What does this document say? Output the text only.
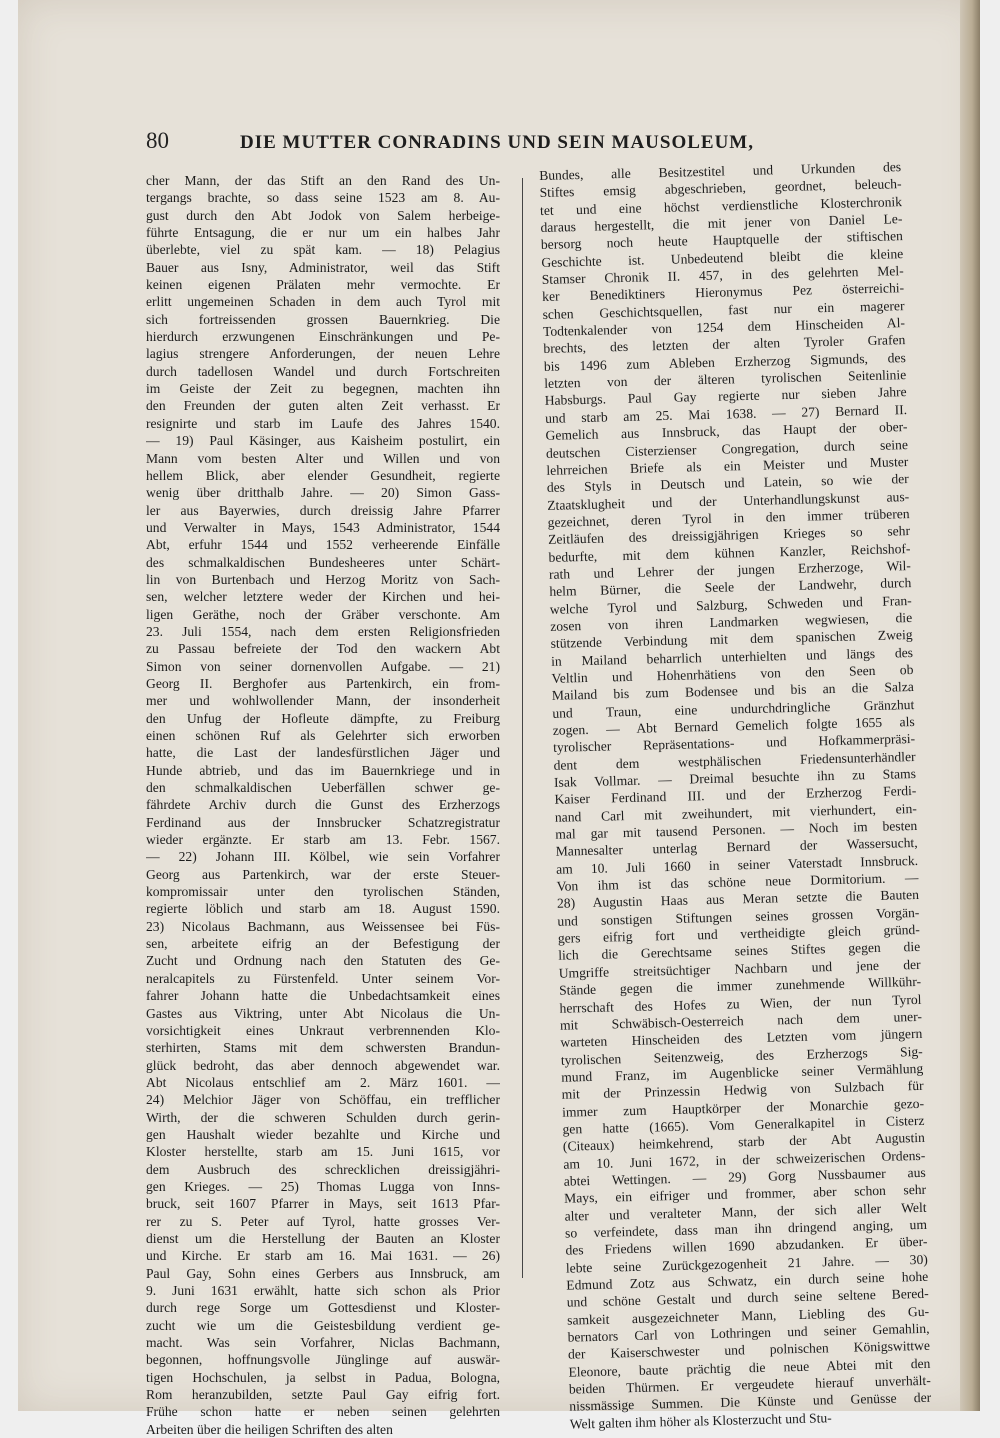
80	DIE MUTTER CONRADINS UND SEIN MAUSOLEUM,
cher Mann, der das Stift an den Rand des Un-
tergangs brachte, so dass seine 1523 am 8. Au-
gust durch den Abt Jodok von Salem herbeige-
führte Entsagung, die er nur um ein halbes Jahr
überlebte, viel zu spät kam. — 18) Pelagius
Bauer aus Isny, Administrator, weil das Stift
keinen eigenen Prälaten mehr vermochte. Er
erlitt ungemeinen Schaden in dem auch Tyrol mit
sich fortreissenden grossen Bauernkrieg. Die
hierdurch erzwungenen Einschränkungen und Pe-
lagius strengere Anforderungen, der neuen Lehre
durch tadellosen Wandel und durch Fortschreiten
im Geiste der Zeit zu begegnen, machten ihn
den Freunden der guten alten Zeit verhasst. Er
resignirte und starb im Laufe des Jahres 1540.
— 19) Paul Käsinger, aus Kaisheim postulirt, ein
Mann vom besten Alter und Willen und von
hellem Blick, aber elender Gesundheit, regierte
wenig über dritthalb Jahre. — 20) Simon Gass-
ler aus Bayerwies, durch dreissig Jahre Pfarrer
und Verwalter in Mays, 1543 Administrator, 1544
Abt, erfuhr 1544 und 1552 verheerende Einfälle
des schmalkaldischen Bundesheeres unter Schärt-
lin von Burtenbach und Herzog Moritz von Sach-
sen, welcher letztere weder der Kirchen und hei-
ligen Geräthe, noch der Gräber verschonte. Am
23. Juli 1554, nach dem ersten Religionsfrieden
zu Passau befreiete der Tod den wackern Abt
Simon von seiner dornenvollen Aufgabe. — 21)
Georg II. Berghofer aus Partenkirch, ein from-
mer und wohlwollender Mann, der insonderheit
den Unfug der Hofleute dämpfte, zu Freiburg
einen schönen Ruf als Gelehrter sich erworben
hatte, die Last der landesfürstlichen Jäger und
Hunde abtrieb, und das im Bauernkriege und in
den schmalkaldischen Ueberfällen schwer ge-
fährdete Archiv durch die Gunst des Erzherzogs
Ferdinand aus der Innsbrucker Schatzregistratur
wieder ergänzte. Er starb am 13. Febr. 1567.
— 22) Johann III. Kölbel, wie sein Vorfahrer
Georg aus Partenkirch, war der erste Steuer-
kompromissair unter den tyrolischen Ständen,
regierte löblich und starb am 18. August 1590.
23) Nicolaus Bachmann, aus Weissensee bei Füs-
sen, arbeitete eifrig an der Befestigung der
Zucht und Ordnung nach den Statuten des Ge-
neralcapitels zu Fürstenfeld. Unter seinem Vor-
fahrer Johann hatte die Unbedachtsamkeit eines
Gastes aus Viktring, unter Abt Nicolaus die Un-
vorsichtigkeit eines Unkraut verbrennenden Klo-
sterhirten, Stams mit dem schwersten Brandun-
glück bedroht, das aber dennoch abgewendet war.
Abt Nicolaus entschlief am 2. März 1601. —
24) Melchior Jäger von Schöffau, ein trefflicher
Wirth, der die schweren Schulden durch gerin-
gen Haushalt wieder bezahlte und Kirche und
Kloster herstellte, starb am 15. Juni 1615, vor
dem Ausbruch des schrecklichen dreissigjähri-
gen Krieges. — 25) Thomas Lugga von Inns-
bruck, seit 1607 Pfarrer in Mays, seit 1613 Pfar-
rer zu S. Peter auf Tyrol, hatte grosses Ver-
dienst um die Herstellung der Bauten an Kloster
und Kirche. Er starb am 16. Mai 1631. — 26)
Paul Gay, Sohn eines Gerbers aus Innsbruck, am
9. Juni 1631 erwählt, hatte sich schon als Prior
durch rege Sorge um Gottesdienst und Kloster-
zucht wie um die Geistesbildung verdient ge-
macht. Was sein Vorfahrer, Niclas Bachmann,
begonnen, hoffnungsvolle Jünglinge auf auswär-
tigen Hochschulen, ja selbst in Padua, Bologna,
Rom heranzubilden, setzte Paul Gay eifrig fort.
Frühe schon hatte er neben seinen gelehrten
Arbeiten über die heiligen Schriften des alten
Bundes, alle Besitzestitel und Urkunden des
Stiftes emsig abgeschrieben, geordnet, beleuch-
tet und eine höchst verdienstliche Klosterchronik
daraus hergestellt, die mit jener von Daniel Le-
bersorg noch heute Hauptquelle der stiftischen
Geschichte ist. Unbedeutend bleibt die kleine
Stamser Chronik II. 457, in des gelehrten Mel-
ker Benediktiners Hieronymus Pez österreichi-
schen Geschichtsquellen, fast nur ein magerer
Todtenkalender von 1254 dem Hinscheiden Al-
brechts, des letzten der alten Tyroler Grafen
bis 1496 zum Ableben Erzherzog Sigmunds, des
letzten von der älteren tyrolischen Seitenlinie
Habsburgs. Paul Gay regierte nur sieben Jahre
und starb am 25. Mai 1638. — 27) Bernard II.
Gemelich aus Innsbruck, das Haupt der ober-
deutschen Cisterzienser Congregation, durch seine
lehrreichen Briefe als ein Meister und Muster
des Styls in Deutsch und Latein, so wie der
Ztaatsklugheit und der Unterhandlungskunst aus-
gezeichnet, deren Tyrol in den immer trüberen
Zeitläufen des dreissigjährigen Krieges so sehr
bedurfte, mit dem kühnen Kanzler, Reichshof-
rath und Lehrer der jungen Erzherzoge, Wil-
helm Bürner, die Seele der Landwehr, durch
welche Tyrol und Salzburg, Schweden und Fran-
zosen von ihren Landmarken wegwiesen, die
stützende Verbindung mit dem spanischen Zweig
in Mailand beharrlich unterhielten und längs des
Veltlin und Hohenrhätiens von den Seen ob
Mailand bis zum Bodensee und bis an die Salza
und Traun, eine undurchdringliche Gränzhut
zogen. — Abt Bernard Gemelich folgte 1655 als
tyrolischer Repräsentations- und Hofkammerpräsi-
dent dem westphälischen Friedensunterhändler
Isak Vollmar. — Dreimal besuchte ihn zu Stams
Kaiser Ferdinand III. und der Erzherzog Ferdi-
nand Carl mit zweihundert, mit vierhundert, ein-
mal gar mit tausend Personen. — Noch im besten
Mannesalter unterlag Bernard der Wassersucht,
am 10. Juli 1660 in seiner Vaterstadt Innsbruck.
Von ihm ist das schöne neue Dormitorium. —
28) Augustin Haas aus Meran setzte die Bauten
und sonstigen Stiftungen seines grossen Vorgän-
gers eifrig fort und vertheidigte gleich gründ-
lich die Gerechtsame seines Stiftes gegen die
Umgriffe streitsüchtiger Nachbarn und jene der
Stände gegen die immer zunehmende Willkühr-
herrschaft des Hofes zu Wien, der nun Tyrol
mit Schwäbisch-Oesterreich nach dem uner-
warteten Hinscheiden des Letzten vom jüngern
tyrolischen Seitenzweig, des Erzherzogs Sig-
mund Franz, im Augenblicke seiner Vermählung
mit der Prinzessin Hedwig von Sulzbach für
immer zum Hauptkörper der Monarchie gezo-
gen hatte (1665). Vom Generalkapitel in Cisterz
(Citeaux) heimkehrend, starb der Abt Augustin
am 10. Juni 1672, in der schweizerischen Ordens-
abtei Wettingen. — 29) Gorg Nussbaumer aus
Mays, ein eifriger und frommer, aber schon sehr
alter und veralteter Mann, der sich aller Welt
so verfeindete, dass man ihn dringend anging, um
des Friedens willen 1690 abzudanken. Er über-
lebte seine Zurückgezogenheit 21 Jahre. — 30)
Edmund Zotz aus Schwatz, ein durch seine hohe
und schöne Gestalt und durch seine seltene Bered-
samkeit ausgezeichneter Mann, Liebling des Gu-
bernators Carl von Lothringen und seiner Gemahlin,
der Kaiserschwester und polnischen Königswittwe
Eleonore, baute prächtig die neue Abtei mit den
beiden Thürmen. Er vergeudete hierauf unverhält-
nissmässige Summen. Die Künste und Genüsse der
Welt galten ihm höher als Klosterzucht und Stu-
